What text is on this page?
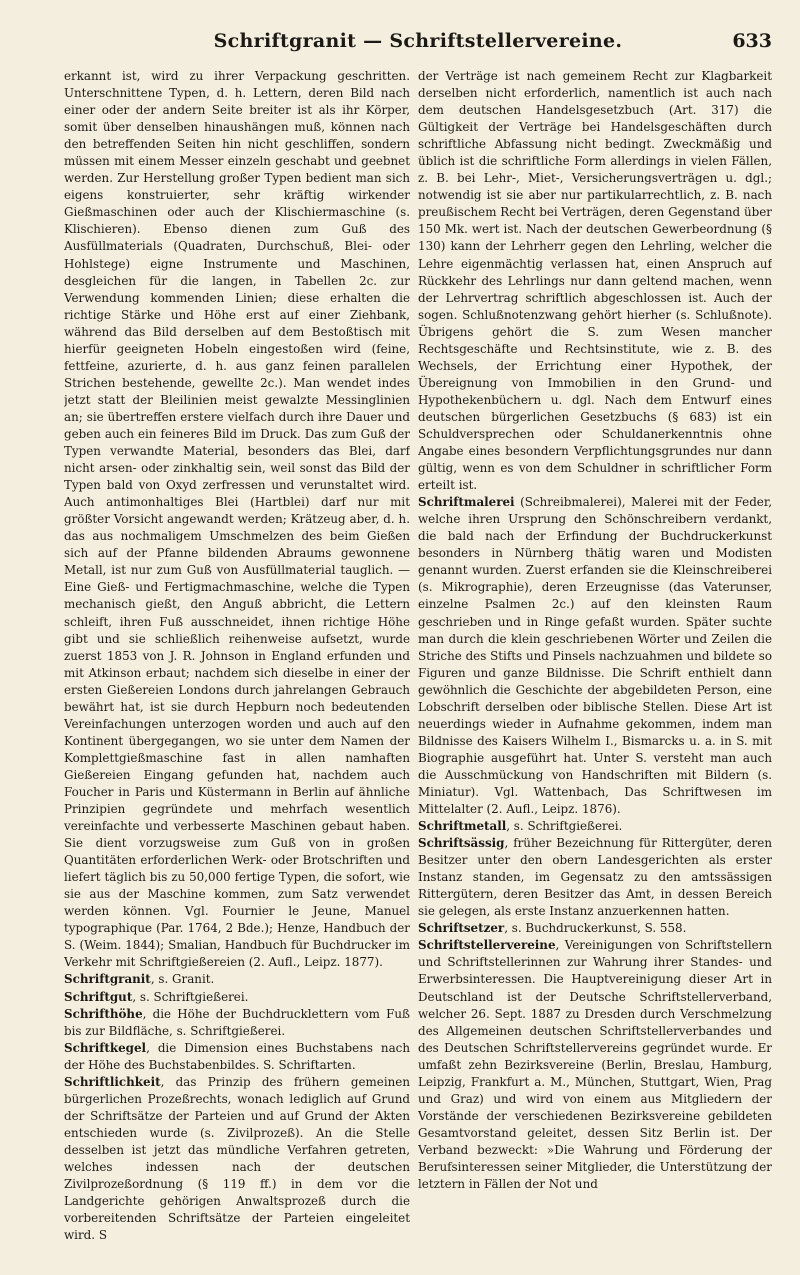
Schriftgranit — Schriftstellervereine.	633

erkannt ist, wird zu ihrer Verpackung geschritten. Unterschnittene Typen, d. h. Lettern, deren Bild nach einer oder der andern Seite breiter ist als ihr Körper, somit über denselben hinaushängen muß, können nach den betreffenden Seiten hin nicht geschliffen, sondern müssen mit einem Messer einzeln geschabt und geebnet werden. Zur Herstellung großer Typen bedient man sich eigens konstruierter, sehr kräftig wirkender Gießmaschinen oder auch der Klischiermaschine (s. Klischieren). Ebenso dienen zum Guß des Ausfüllmaterials (Quadraten, Durchschuß, Blei- oder Hohlstege) eigne Instrumente und Maschinen, desgleichen für die langen, in Tabellen 2c. zur Verwendung kommenden Linien; diese erhalten die richtige Stärke und Höhe erst auf einer Ziehbank, während das Bild derselben auf dem Bestoßtisch mit hierfür geeigneten Hobeln eingestoßen wird (feine, fettfeine, azurierte, d. h. aus ganz feinen parallelen Strichen bestehende, gewellte 2c.). Man wendet indes jetzt statt der Bleilinien meist gewalzte Messinglinien an; sie übertreffen erstere vielfach durch ihre Dauer und geben auch ein feineres Bild im Druck. Das zum Guß der Typen verwandte Material, besonders das Blei, darf nicht arsen- oder zinkhaltig sein, weil sonst das Bild der Typen bald von Oxyd zerfressen und verunstaltet wird. Auch antimonhaltiges Blei (Hartblei) darf nur mit größter Vorsicht angewandt werden; Krätzeug aber, d. h. das aus nochmaligem Umschmelzen des beim Gießen sich auf der Pfanne bildenden Abraums gewonnene Metall, ist nur zum Guß von Ausfüllmaterial tauglich. — Eine Gieß- und Fertigmachmaschine, welche die Typen mechanisch gießt, den Anguß abbricht, die Lettern schleift, ihren Fuß ausschneidet, ihnen richtige Höhe gibt und sie schließlich reihenweise aufsetzt, wurde zuerst 1853 von J. R. Johnson in England erfunden und mit Atkinson erbaut; nachdem sich dieselbe in einer der ersten Gießereien Londons durch jahrelangen Gebrauch bewährt hat, ist sie durch Hepburn noch bedeutenden Vereinfachungen unterzogen worden und auch auf den Kontinent übergegangen, wo sie unter dem Namen der Komplettgießmaschine fast in allen namhaften Gießereien Eingang gefunden hat, nachdem auch Foucher in Paris und Küstermann in Berlin auf ähnliche Prinzipien gegründete und mehrfach wesentlich vereinfachte und verbesserte Maschinen gebaut haben. Sie dient vorzugsweise zum Guß von in großen Quantitäten erforderlichen Werk- oder Brotschriften und liefert täglich bis zu 50,000 fertige Typen, die sofort, wie sie aus der Maschine kommen, zum Satz verwendet werden können. Vgl. Fournier le Jeune, Manuel typographique (Par. 1764, 2 Bde.); Henze, Handbuch der S. (Weim. 1844); Smalian, Handbuch für Buchdrucker im Verkehr mit Schriftgießereien (2. Aufl., Leipz. 1877).

Schriftgranit, s. Granit.

Schriftgut, s. Schriftgießerei.

Schrifthöhe, die Höhe der Buchdrucklettern vom Fuß bis zur Bildfläche, s. Schriftgießerei.

Schriftkegel, die Dimension eines Buchstabens nach der Höhe des Buchstabenbildes. S. Schriftarten.

Schriftlichkeit, das Prinzip des frühern gemeinen bürgerlichen Prozeßrechts, wonach lediglich auf Grund der Schriftsätze der Parteien und auf Grund der Akten entschieden wurde (s. Zivilprozeß). An die Stelle desselben ist jetzt das mündliche Verfahren getreten, welches indessen nach der deutschen Zivilprozeßordnung (§ 119 ff.) in dem vor die Landgerichte gehörigen Anwaltsprozeß durch die vorbereitenden Schriftsätze der Parteien eingeleitet wird. S

der Verträge ist nach gemeinem Recht zur Klagbarkeit derselben nicht erforderlich, namentlich ist auch nach dem deutschen Handelsgesetzbuch (Art. 317) die Gültigkeit der Verträge bei Handelsgeschäften durch schriftliche Abfassung nicht bedingt. Zweckmäßig und üblich ist die schriftliche Form allerdings in vielen Fällen, z. B. bei Lehr-, Miet-, Versicherungsverträgen u. dgl.; notwendig ist sie aber nur partikularrechtlich, z. B. nach preußischem Recht bei Verträgen, deren Gegenstand über 150 Mk. wert ist. Nach der deutschen Gewerbeordnung (§ 130) kann der Lehrherr gegen den Lehrling, welcher die Lehre eigenmächtig verlassen hat, einen Anspruch auf Rückkehr des Lehrlings nur dann geltend machen, wenn der Lehrvertrag schriftlich abgeschlossen ist. Auch der sogen. Schlußnotenzwang gehört hierher (s. Schlußnote). Übrigens gehört die S. zum Wesen mancher Rechtsgeschäfte und Rechtsinstitute, wie z. B. des Wechsels, der Errichtung einer Hypothek, der Übereignung von Immobilien in den Grund- und Hypothekenbüchern u. dgl. Nach dem Entwurf eines deutschen bürgerlichen Gesetzbuchs (§ 683) ist ein Schuldversprechen oder Schuldanerkenntnis ohne Angabe eines besondern Verpflichtungsgrundes nur dann gültig, wenn es von dem Schuldner in schriftlicher Form erteilt ist.

Schriftmalerei (Schreibmalerei), Malerei mit der Feder, welche ihren Ursprung den Schönschreibern verdankt, die bald nach der Erfindung der Buchdruckerkunst besonders in Nürnberg thätig waren und Modisten genannt wurden. Zuerst erfanden sie die Kleinschreiberei (s. Mikrographie), deren Erzeugnisse (das Vaterunser, einzelne Psalmen 2c.) auf den kleinsten Raum geschrieben und in Ringe gefaßt wurden. Später suchte man durch die klein geschriebenen Wörter und Zeilen die Striche des Stifts und Pinsels nachzuahmen und bildete so Figuren und ganze Bildnisse. Die Schrift enthielt dann gewöhnlich die Geschichte der abgebildeten Person, eine Lobschrift derselben oder biblische Stellen. Diese Art ist neuerdings wieder in Aufnahme gekommen, indem man Bildnisse des Kaisers Wilhelm I., Bismarcks u. a. in S. mit Biographie ausgeführt hat. Unter S. versteht man auch die Ausschmückung von Handschriften mit Bildern (s. Miniatur). Vgl. Wattenbach, Das Schriftwesen im Mittelalter (2. Aufl., Leipz. 1876).

Schriftmetall, s. Schriftgießerei.

Schriftsässig, früher Bezeichnung für Rittergüter, deren Besitzer unter den obern Landesgerichten als erster Instanz standen, im Gegensatz zu den amtssässigen Rittergütern, deren Besitzer das Amt, in dessen Bereich sie gelegen, als erste Instanz anzuerkennen hatten.

Schriftsetzer, s. Buchdruckerkunst, S. 558.

Schriftstellervereine, Vereinigungen von Schriftstellern und Schriftstellerinnen zur Wahrung ihrer Standes- und Erwerbsinteressen. Die Hauptvereinigung dieser Art in Deutschland ist der Deutsche Schriftstellerverband, welcher 26. Sept. 1887 zu Dresden durch Verschmelzung des Allgemeinen deutschen Schriftstellerverbandes und des Deutschen Schriftstellervereins gegründet wurde. Er umfaßt zehn Bezirksvereine (Berlin, Breslau, Hamburg, Leipzig, Frankfurt a. M., München, Stuttgart, Wien, Prag und Graz) und wird von einem aus Mitgliedern der Vorstände der verschiedenen Bezirksvereine gebildeten Gesamtvorstand geleitet, dessen Sitz Berlin ist. Der Verband bezweckt: »Die Wahrung und Förderung der Berufsinteressen seiner Mitglieder, die Unterstützung der letztern in Fällen der Not und
